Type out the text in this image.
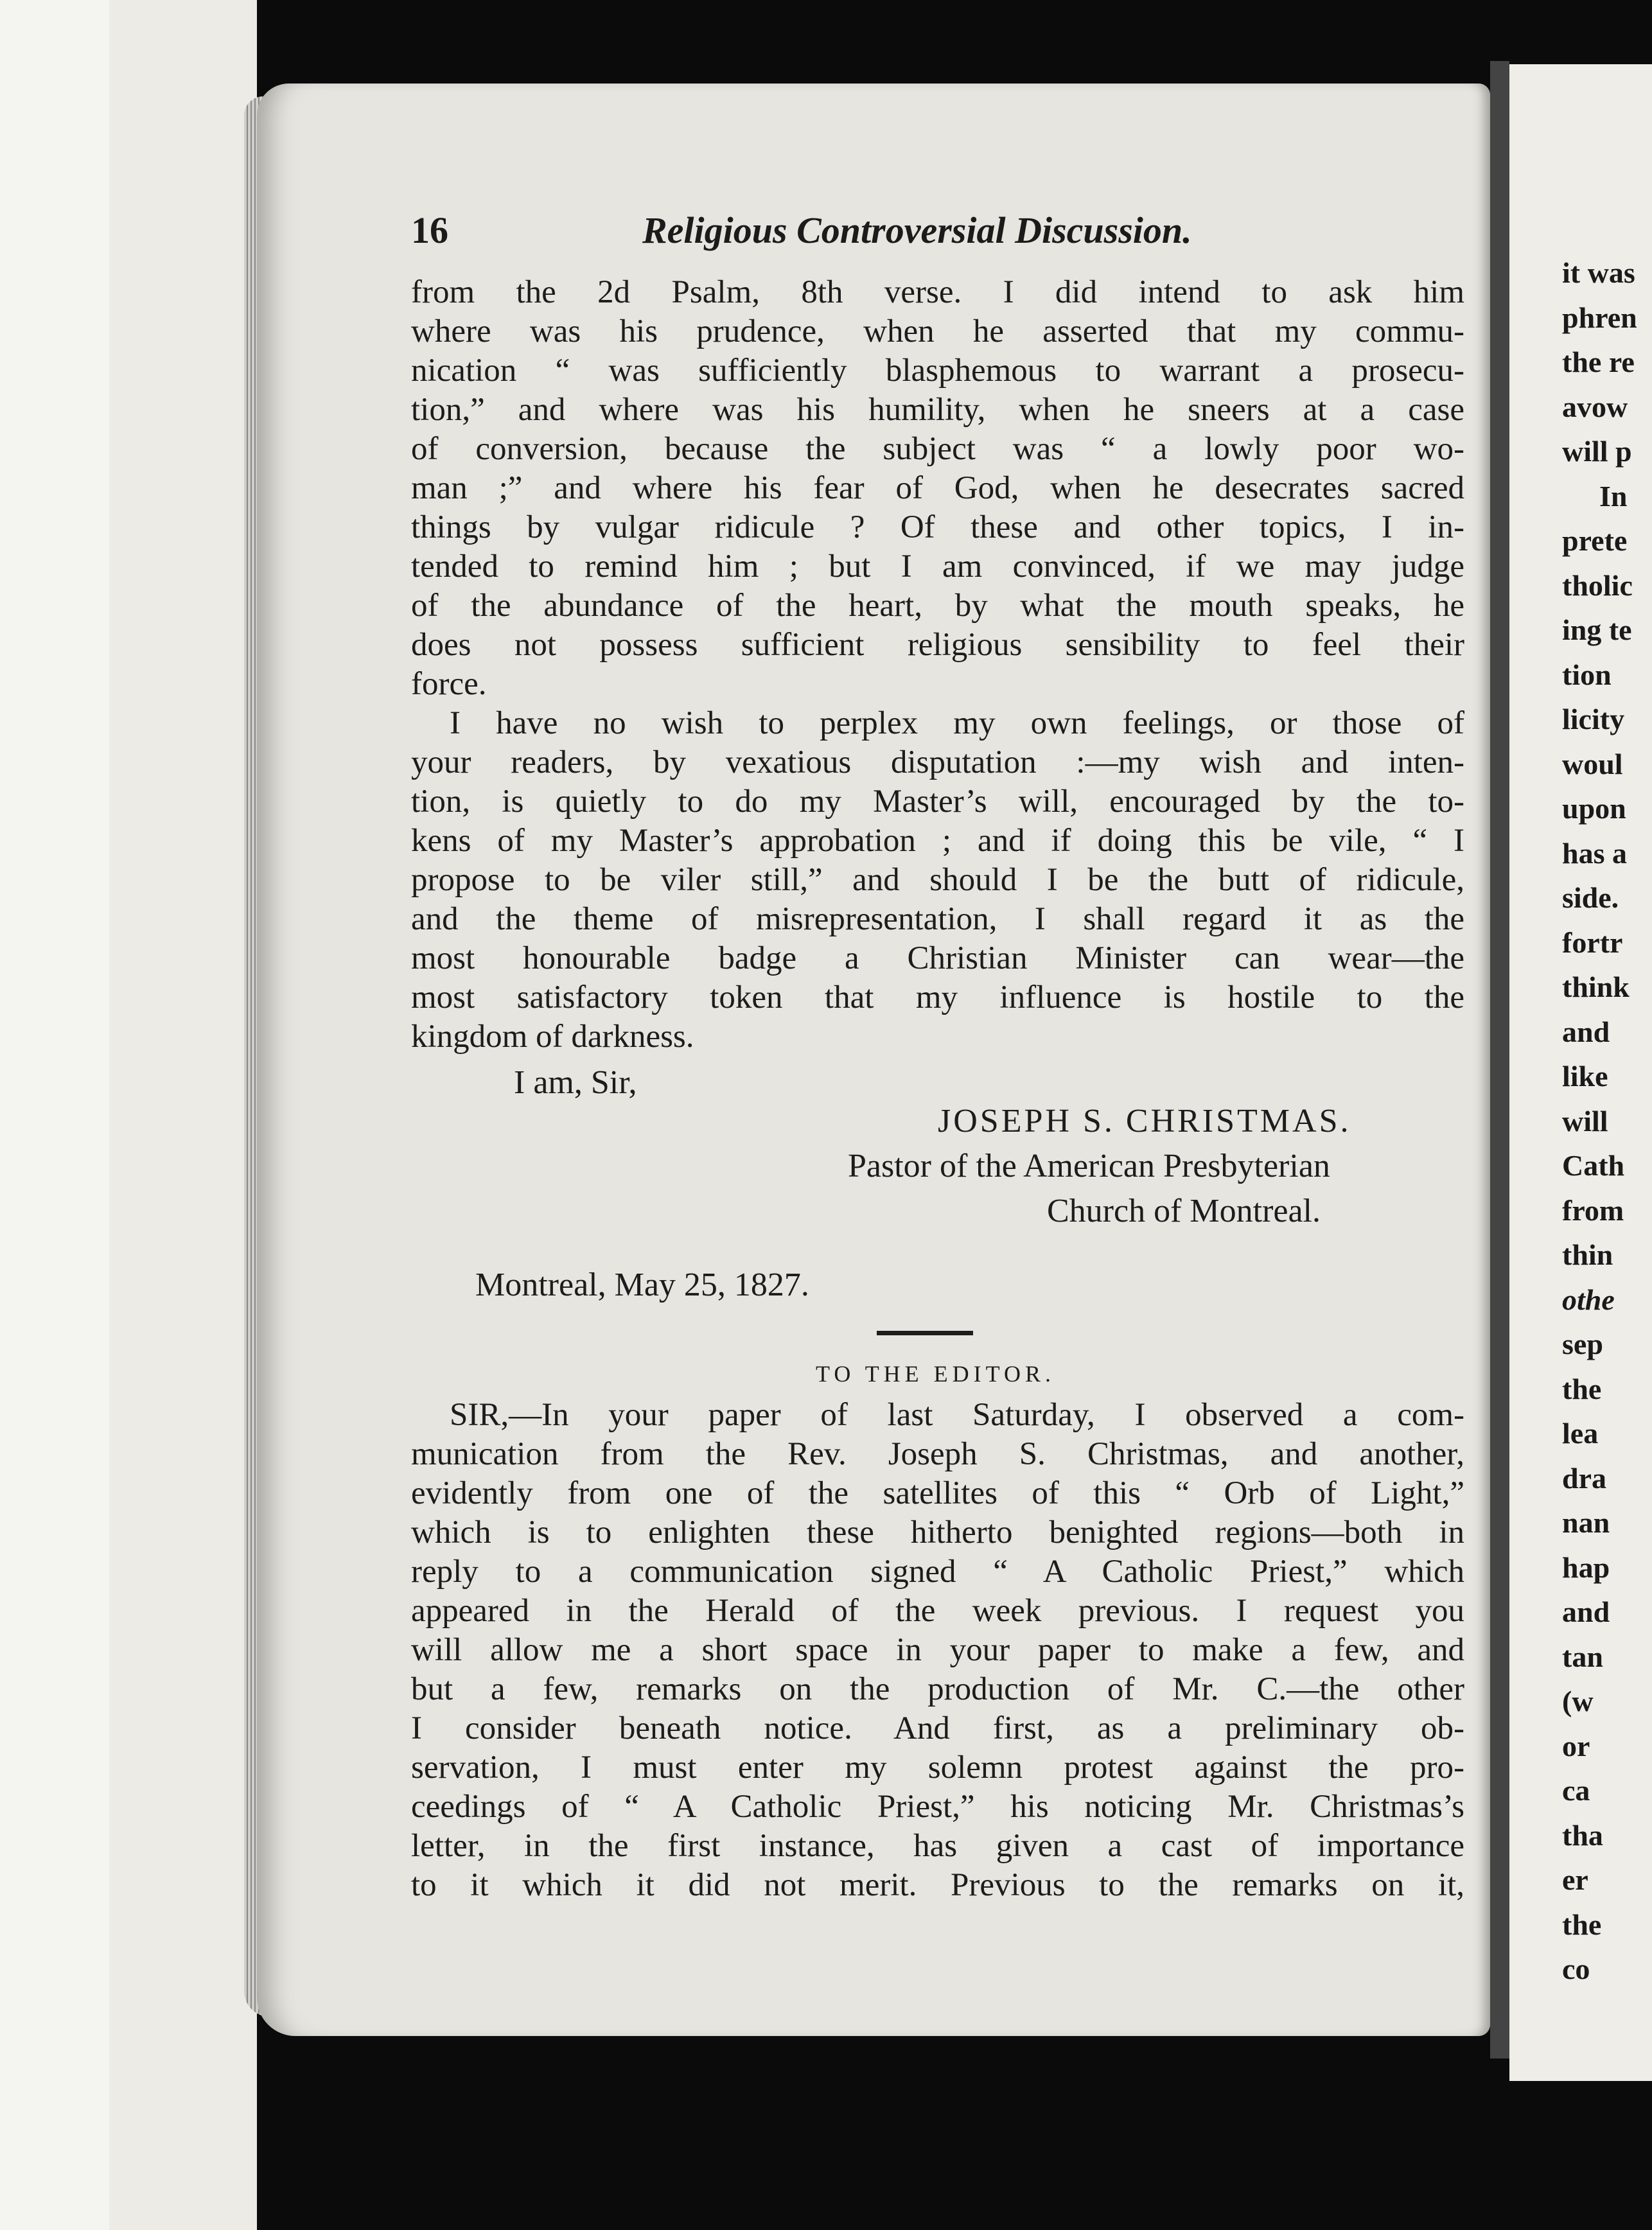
it was
phren
the re
avow
will p
In
prete
tholic
ing te
tion
licity
woul
upon
has a
side.
fortr
think
and
like
will
Cath
from
thin
othe
sep
the
lea
dra
nan
hap
and
tan
(w
or
ca
tha
er
the
co
16	Religious Controversial Discussion.
from the 2d Psalm, 8th verse. I did intend to ask him
where was his prudence, when he asserted that my commu-
nication “ was sufficiently blasphemous to warrant a prosecu-
tion,” and where was his humility, when he sneers at a case
of conversion, because the subject was “ a lowly poor wo-
man ;” and where his fear of God, when he desecrates sacred
things by vulgar ridicule ? Of these and other topics, I in-
tended to remind him ; but I am convinced, if we may judge
of the abundance of the heart, by what the mouth speaks, he
does not possess sufficient religious sensibility to feel their
force.
I have no wish to perplex my own feelings, or those of
your readers, by vexatious disputation :—my wish and inten-
tion, is quietly to do my Master’s will, encouraged by the to-
kens of my Master’s approbation ; and if doing this be vile, “ I
propose to be viler still,” and should I be the butt of ridicule,
and the theme of misrepresentation, I shall regard it as the
most honourable badge a Christian Minister can wear—the
most satisfactory token that my influence is hostile to the
kingdom of darkness.
I am, Sir,
JOSEPH S. CHRISTMAS.
Pastor of the American Presbyterian
Church of Montreal.
Montreal, May 25, 1827.
TO THE EDITOR.
SIR,—In your paper of last Saturday, I observed a com-
munication from the Rev. Joseph S. Christmas, and another,
evidently from one of the satellites of this “ Orb of Light,”
which is to enlighten these hitherto benighted regions—both in
reply to a communication signed “ A Catholic Priest,” which
appeared in the Herald of the week previous. I request you
will allow me a short space in your paper to make a few, and
but a few, remarks on the production of Mr. C.—the other
I consider beneath notice. And first, as a preliminary ob-
servation, I must enter my solemn protest against the pro-
ceedings of “ A Catholic Priest,” his noticing Mr. Christmas’s
letter, in the first instance, has given a cast of importance
to it which it did not merit. Previous to the remarks on it,
